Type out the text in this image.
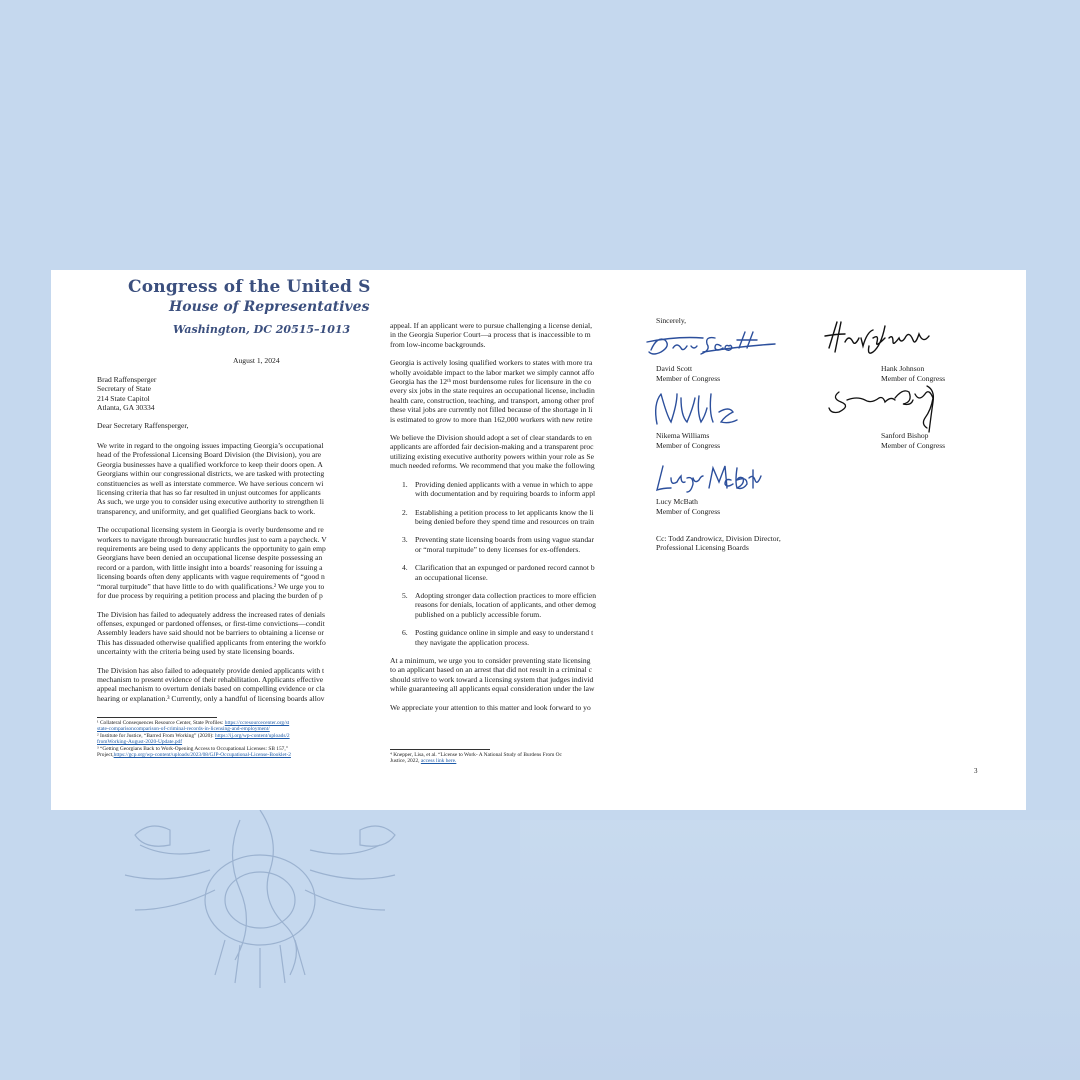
Congress of the United S
House of Representatives
Washington, DC 20515–1013
August 1, 2024
Brad Raffensperger
Secretary of State
214 State Capitol
Atlanta, GA 30334
Dear Secretary Raffensperger,
We write in regard to the ongoing issues impacting Georgia’s occupational
head of the Professional Licensing Board Division (the Division), you are
Georgia businesses have a qualified workforce to keep their doors open. A
Georgians within our congressional districts, we are tasked with protecting
constituencies as well as interstate commerce. We have serious concern wi
licensing criteria that has so far resulted in unjust outcomes for applicants
As such, we urge you to consider using executive authority to strengthen li
transparency, and uniformity, and get qualified Georgians back to work.
The occupational licensing system in Georgia is overly burdensome and re
workers to navigate through bureaucratic hurdles just to earn a paycheck. V
requirements are being used to deny applicants the opportunity to gain emp
Georgians have been denied an occupational license despite possessing an
record or a pardon, with little insight into a boards’ reasoning for issuing a
licensing boards often deny applicants with vague requirements of “good n
“moral turpitude” that have little to do with qualifications.² We urge you to
for due process by requiring a petition process and placing the burden of p
The Division has failed to adequately address the increased rates of denials
offenses, expunged or pardoned offenses, or first-time convictions—condit
Assembly leaders have said should not be barriers to obtaining a license or
This has dissuaded otherwise qualified applicants from entering the workfo
uncertainty with the criteria being used by state licensing boards.
The Division has also failed to adequately provide denied applicants with t
mechanism to present evidence of their rehabilitation. Applicants effective
appeal mechanism to overturn denials based on compelling evidence or cla
hearing or explanation.³ Currently, only a handful of licensing boards allov
¹ Collateral Consequences Resource Center, State Profiles: https://ccresourcecenter.org/st
state-comparisoncomparison-of-criminal-records-in-licensing-and-employment/
² Institute for Justice, “Barred From Working” (2020): https://ij.org/wp-content/uploads/2
fromWorking-August-2020-Update.pdf
³ “Getting Georgians Back to Work-Opening Access to Occupational Licenses: SB 157,”
Project,https://gcp.org/wp-content/uploads/2023/08/GJP-Occupational-License-Booklet-2
appeal. If an applicant were to pursue challenging a license denial,
in the Georgia Superior Court—a process that is inaccessible to m
from low-income backgrounds.
Georgia is actively losing qualified workers to states with more tra
wholly avoidable impact to the labor market we simply cannot affo
Georgia has the 12ᵗʰ most burdensome rules for licensure in the co
every six jobs in the state requires an occupational license, includin
health care, construction, teaching, and transport, among other prof
these vital jobs are currently not filled because of the shortage in li
is estimated to grow to more than 162,000 workers with new retire
We believe the Division should adopt a set of clear standards to en
applicants are afforded fair decision-making and a transparent proc
utilizing existing executive authority powers within your role as Se
much needed reforms. We recommend that you make the following
1. Providing denied applicants with a venue in which to appe
with documentation and by requiring boards to inform appl
2. Establishing a petition process to let applicants know the li
being denied before they spend time and resources on train
3. Preventing state licensing boards from using vague standar
or “moral turpitude” to deny licenses for ex-offenders.
4. Clarification that an expunged or pardoned record cannot b
an occupational license.
5. Adopting stronger data collection practices to more efficien
reasons for denials, location of applicants, and other demog
published on a publicly accessible forum.
6. Posting guidance online in simple and easy to understand t
they navigate the application process.
At a minimum, we urge you to consider preventing state licensing
to an applicant based on an arrest that did not result in a criminal c
should strive to work toward a licensing system that judges individ
while guaranteeing all applicants equal consideration under the law
We appreciate your attention to this matter and look forward to yo
⁴ Knepper, Lisa, et al. “License to Work- A National Study of Burdens From Oc
Justice, 2022, access link here.
Sincerely,
David Scott
Member of Congress
Hank Johnson
Member of Congress
Nikema Williams
Member of Congress
Sanford Bishop
Member of Congress
Lucy McBath
Member of Congress
Cc: Todd Zandrowicz, Division Director,
Professional Licensing Boards
3
